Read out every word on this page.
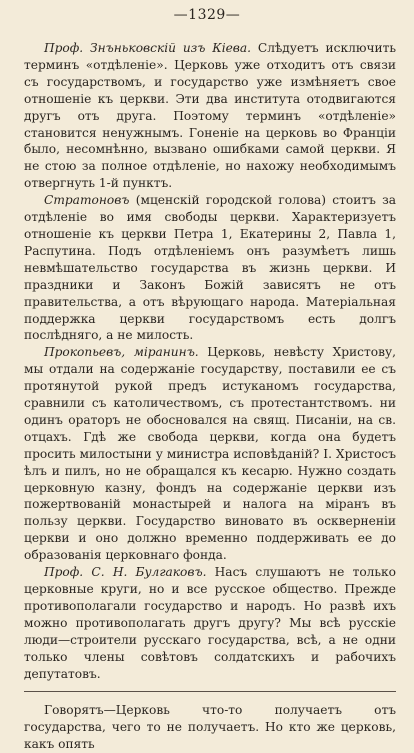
—1329—

Проф. Знъньковскій изъ Кіева. Слѣдуетъ исключить терминъ «отдѣленіе». Церковь уже отходитъ отъ связи съ государствомъ, и государство уже измѣняетъ свое отношеніе къ церкви. Эти два института отодвигаются другъ отъ друга. Поэтому терминъ «отдѣленіе» становится ненужнымъ. Гоненіе на церковь во Франціи было, несомнѣнно, вызвано ошибками самой церкви. Я не стою за полное отдѣленіе, но нахожу необходимымъ отвергнуть 1-й пунктъ.

Стратоновъ (мценскій городской голова) стоитъ за отдѣленіе во имя свободы церкви. Характеризуетъ отношеніе къ церкви Петра 1, Екатерины 2, Павла 1, Распутина. Подъ отдѣленіемъ онъ разумѣетъ лишь невмѣшательство государства въ жизнь церкви. И праздники и Законъ Божій зависятъ не отъ правительства, а отъ вѣрующаго народа. Матеріальная поддержка церкви государствомъ есть долгъ послѣдняго, а не милость.

Прокопьевъ, міранинъ. Церковь, невѣсту Христову, мы отдали на содержаніе государству, поставили ее съ протянутой рукой предъ истуканомъ государства, сравнили съ католичествомъ, съ протестантствомъ. ни одинъ ораторъ не обосновался на свящ. Писаніи, на св. отцахъ. Гдѣ же свобода церкви, когда она будетъ просить милостыни у министра исповѣданій? I. Христосъ ѣлъ и пилъ, но не обращался къ кесарю. Нужно создать церковную казну, фондъ на содержаніе церкви изъ пожертвованій монастырей и налога на міранъ въ пользу церкви. Государство виновато въ оскверненіи церкви и оно должно временно поддерживать ее до образованія церковнаго фонда.

Проф. С. Н. Булгаковъ. Насъ слушаютъ не только церковные круги, но и все русское общество. Прежде противополагали государство и народъ. Но развѣ ихъ можно противополагать другъ другу? Мы всѣ русскіе люди—строители русскаго государства, всѣ, а не одни только члены совѣтовъ солдатскихъ и рабочихъ депутатовъ.

Говорятъ—Церковь что-то получаетъ отъ государства, чего то не получаетъ. Но кто же церковь, какъ опять
